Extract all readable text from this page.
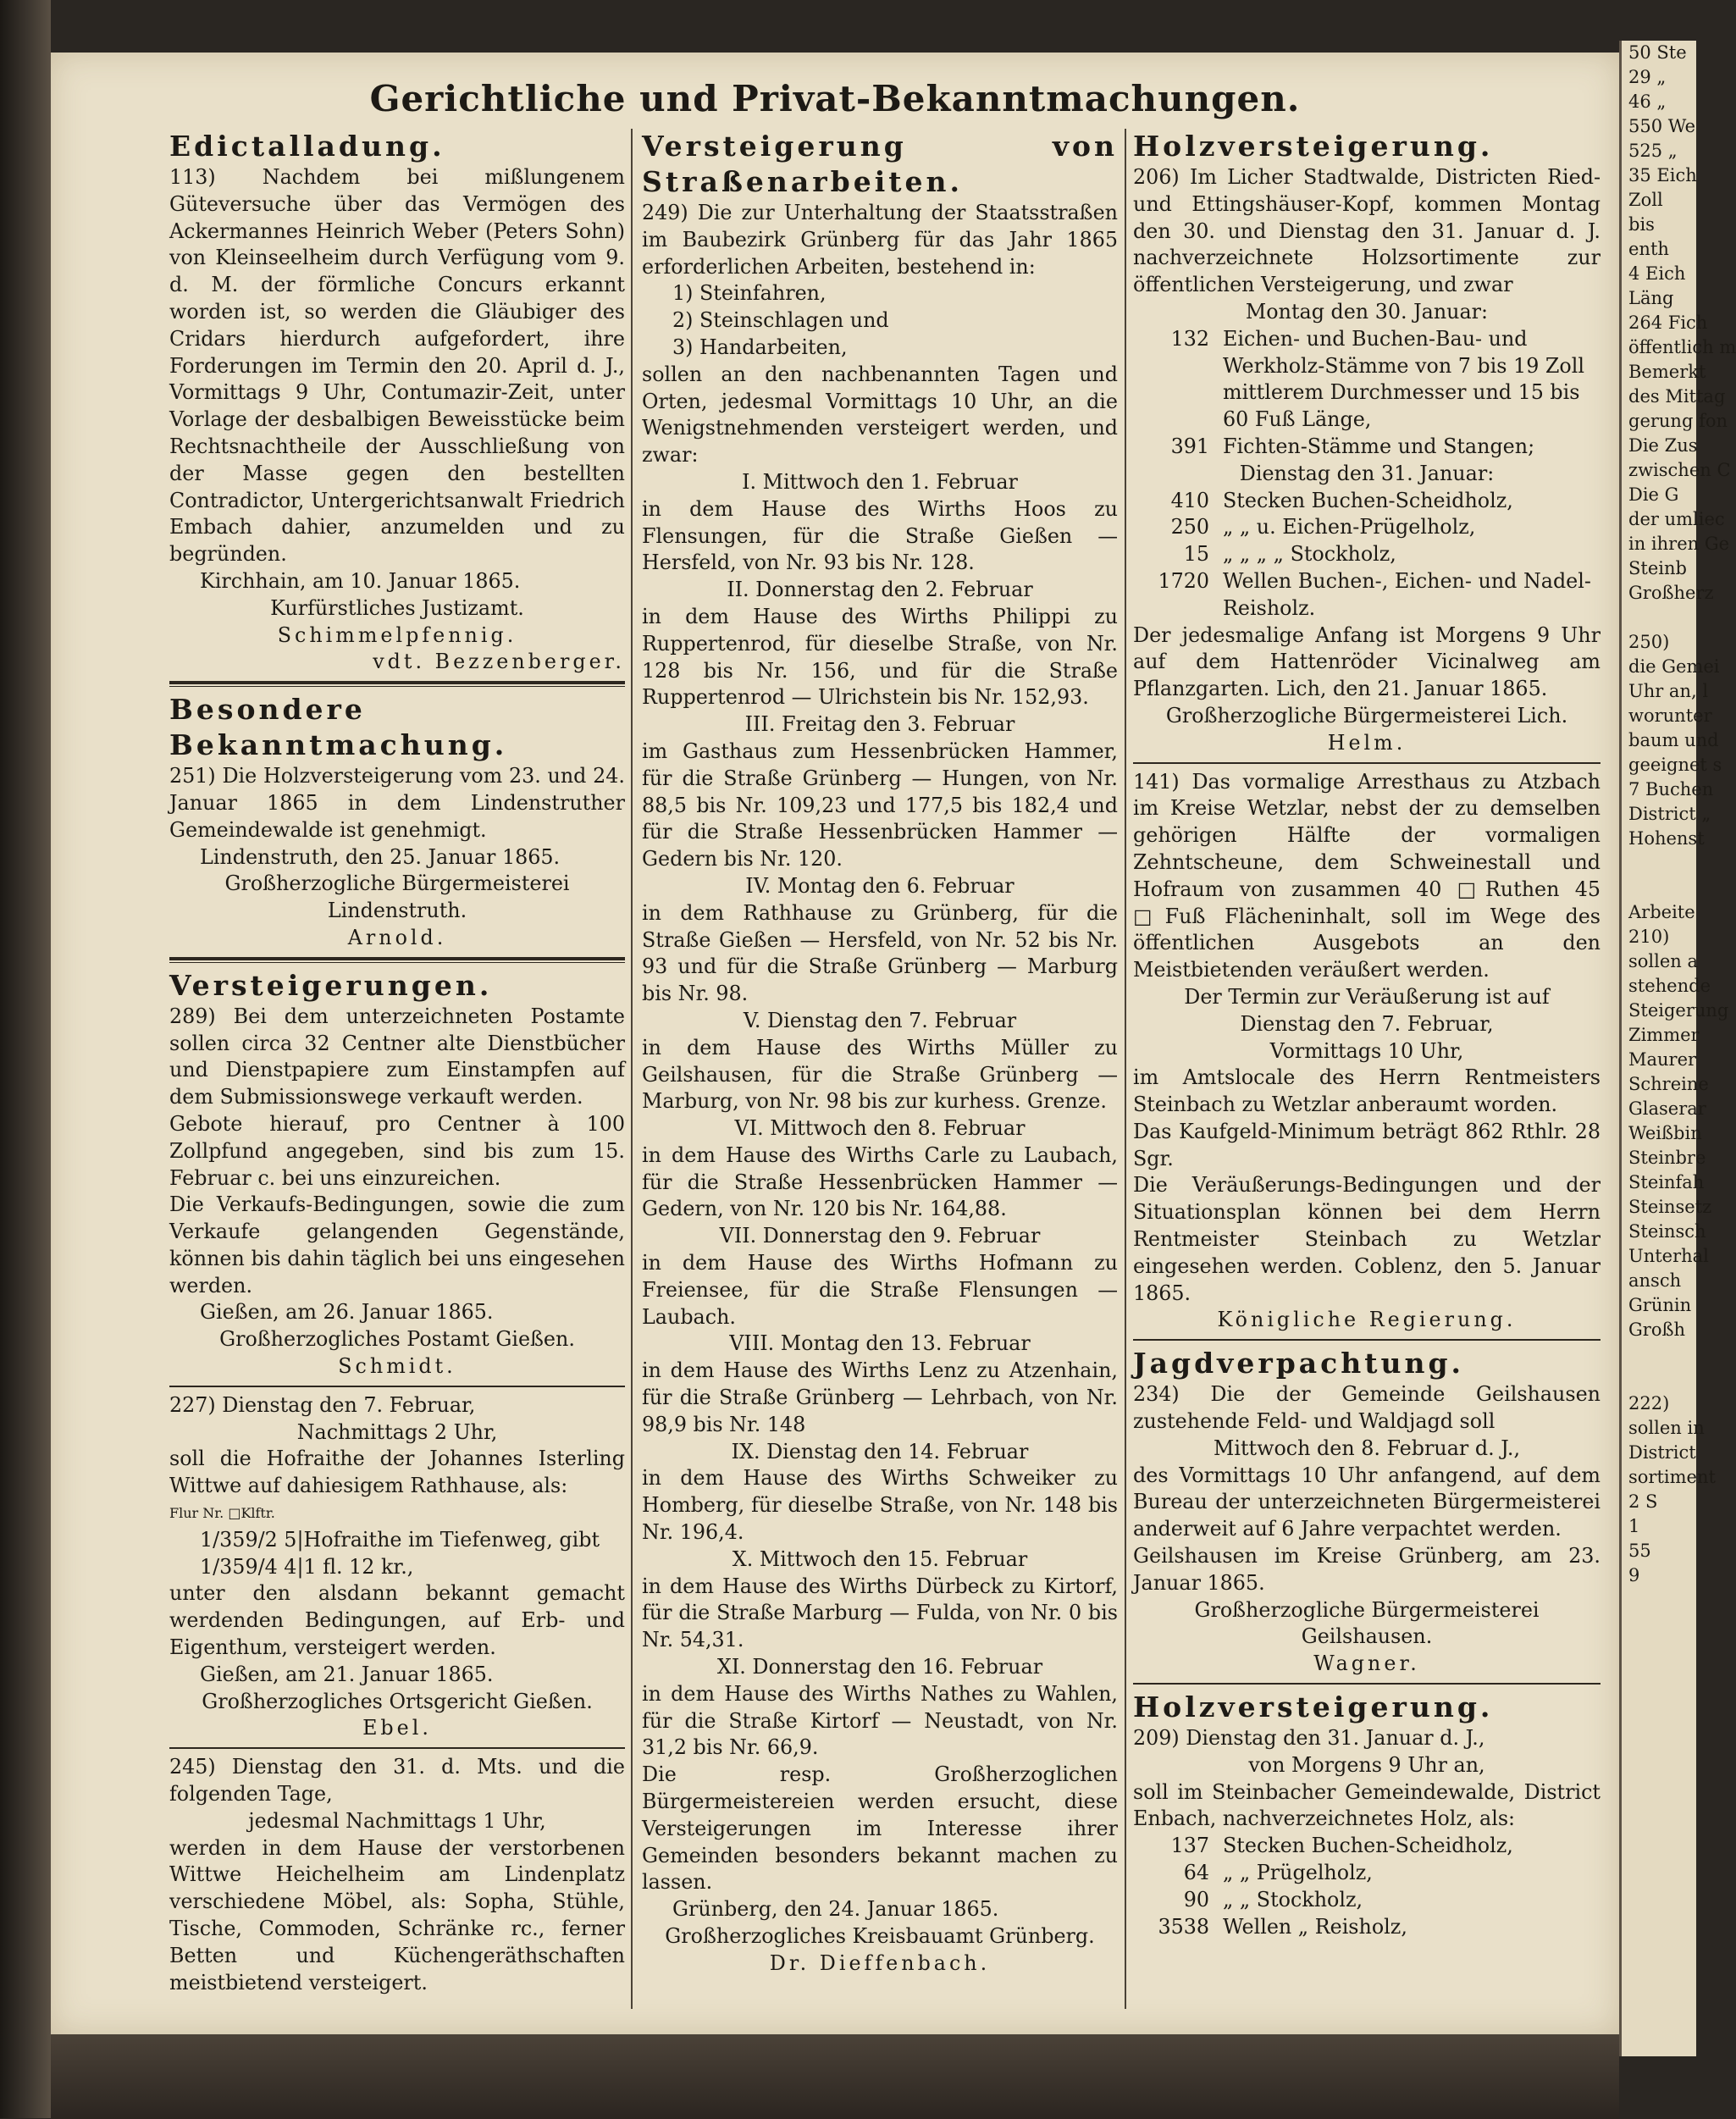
50 Ste
29 „
46 „
550 We
525 „
35 Eich
Zoll
bis
enth
4 Eich
Läng
264 Fich
öffentlich m
Bemerkt
des Mittag
gerung fon
Die Zus
zwischen C
Die G
der umliec
in ihren Ge
Steinb
Großherz

250)
die Gemei
Uhr an, l
worunter
baum und
geeignet s
7 Buchen
District „
Hohenst

Arbeite
210)
sollen a
stehende
Steigerung
Zimmer
Maurer
Schreine
Glaserar
Weißbin
Steinbre
Steinfah
Steinsetz
Steinsch
Unterhal
ansch
Grünin
Großh

222)
sollen in
District
sortiment
2 S
1
55
9
Gerichtliche und Privat-Bekanntmachungen.

Edictalladung.

113) Nachdem bei mißlungenem Güteversuche über das Vermögen des Ackermannes Heinrich Weber (Peters Sohn) von Kleinseelheim durch Verfügung vom 9. d. M. der förmliche Concurs erkannt worden ist, so werden die Gläubiger des Cridars hierdurch aufgefordert, ihre Forderungen im Termin den 20. April d. J., Vormittags 9 Uhr, Contumazir-Zeit, unter Vorlage der desbalbigen Beweisstücke beim Rechtsnachtheile der Ausschließung von der Masse gegen den bestellten Contradictor, Untergerichtsanwalt Friedrich Embach dahier, anzumelden und zu begründen.

Kirchhain, am 10. Januar 1865.

Kurfürstliches Justizamt.

Schimmelpfennig.

vdt. Bezzenberger.

Besondere Bekanntmachung.

251) Die Holzversteigerung vom 23. und 24. Januar 1865 in dem Lindenstruther Gemeindewalde ist genehmigt.

Lindenstruth, den 25. Januar 1865.

Großherzogliche Bürgermeisterei Lindenstruth.

Arnold.

Versteigerungen.

289) Bei dem unterzeichneten Postamte sollen circa 32 Centner alte Dienstbücher und Dienstpapiere zum Einstampfen auf dem Submissionswege verkauft werden.

Gebote hierauf, pro Centner à 100 Zollpfund angegeben, sind bis zum 15. Februar c. bei uns einzureichen.

Die Verkaufs-Bedingungen, sowie die zum Verkaufe gelangenden Gegenstände, können bis dahin täglich bei uns eingesehen werden.

Gießen, am 26. Januar 1865.

Großherzogliches Postamt Gießen.

Schmidt.

227) Dienstag den 7. Februar,

Nachmittags 2 Uhr,

soll die Hofraithe der Johannes Isterling Wittwe auf dahiesigem Rathhause, als:

Flur Nr. □Klftr.

1/359/2 5|Hofraithe im Tiefenweg, gibt

1/359/4 4|1 fl. 12 kr.,

unter den alsdann bekannt gemacht werdenden Bedingungen, auf Erb- und Eigenthum, versteigert werden.

Gießen, am 21. Januar 1865.

Großherzogliches Ortsgericht Gießen.

Ebel.

245) Dienstag den 31. d. Mts. und die folgenden Tage,

jedesmal Nachmittags 1 Uhr,

werden in dem Hause der verstorbenen Wittwe Heichelheim am Lindenplatz verschiedene Möbel, als: Sopha, Stühle, Tische, Commoden, Schränke rc., ferner Betten und Küchengeräthschaften meistbietend versteigert.

Versteigerung von Straßenarbeiten.

249) Die zur Unterhaltung der Staatsstraßen im Baubezirk Grünberg für das Jahr 1865 erforderlichen Arbeiten, bestehend in:

1) Steinfahren,

2) Steinschlagen und

3) Handarbeiten,

sollen an den nachbenannten Tagen und Orten, jedesmal Vormittags 10 Uhr, an die Wenigstnehmenden versteigert werden, und zwar:

I. Mittwoch den 1. Februar

in dem Hause des Wirths Hoos zu Flensungen, für die Straße Gießen — Hersfeld, von Nr. 93 bis Nr. 128.

II. Donnerstag den 2. Februar

in dem Hause des Wirths Philippi zu Ruppertenrod, für dieselbe Straße, von Nr. 128 bis Nr. 156, und für die Straße Ruppertenrod — Ulrichstein bis Nr. 152,93.

III. Freitag den 3. Februar

im Gasthaus zum Hessenbrücken Hammer, für die Straße Grünberg — Hungen, von Nr. 88,5 bis Nr. 109,23 und 177,5 bis 182,4 und für die Straße Hessenbrücken Hammer — Gedern bis Nr. 120.

IV. Montag den 6. Februar

in dem Rathhause zu Grünberg, für die Straße Gießen — Hersfeld, von Nr. 52 bis Nr. 93 und für die Straße Grünberg — Marburg bis Nr. 98.

V. Dienstag den 7. Februar

in dem Hause des Wirths Müller zu Geilshausen, für die Straße Grünberg — Marburg, von Nr. 98 bis zur kurhess. Grenze.

VI. Mittwoch den 8. Februar

in dem Hause des Wirths Carle zu Laubach, für die Straße Hessenbrücken Hammer — Gedern, von Nr. 120 bis Nr. 164,88.

VII. Donnerstag den 9. Februar

in dem Hause des Wirths Hofmann zu Freiensee, für die Straße Flensungen — Laubach.

VIII. Montag den 13. Februar

in dem Hause des Wirths Lenz zu Atzenhain, für die Straße Grünberg — Lehrbach, von Nr. 98,9 bis Nr. 148

IX. Dienstag den 14. Februar

in dem Hause des Wirths Schweiker zu Homberg, für dieselbe Straße, von Nr. 148 bis Nr. 196,4.

X. Mittwoch den 15. Februar

in dem Hause des Wirths Dürbeck zu Kirtorf, für die Straße Marburg — Fulda, von Nr. 0 bis Nr. 54,31.

XI. Donnerstag den 16. Februar

in dem Hause des Wirths Nathes zu Wahlen, für die Straße Kirtorf — Neustadt, von Nr. 31,2 bis Nr. 66,9.

Die resp. Großherzoglichen Bürgermeistereien werden ersucht, diese Versteigerungen im Interesse ihrer Gemeinden besonders bekannt machen zu lassen.

Grünberg, den 24. Januar 1865.

Großherzogliches Kreisbauamt Grünberg.

Dr. Dieffenbach.

Holzversteigerung.

206) Im Licher Stadtwalde, Districten Ried- und Ettingshäuser-Kopf, kommen Montag den 30. und Dienstag den 31. Januar d. J. nachverzeichnete Holzsortimente zur öffentlichen Versteigerung, und zwar

Montag den 30. Januar:

132	Eichen- und Buchen-Bau- und Werkholz-Stämme von 7 bis 19 Zoll mittlerem Durchmesser und 15 bis 60 Fuß Länge,
391	Fichten-Stämme und Stangen;

Dienstag den 31. Januar:

410	Stecken Buchen-Scheidholz,
250	„ „ u. Eichen-Prügelholz,
15	„ „ „ „ Stockholz,
1720	Wellen Buchen-, Eichen- und Nadel-Reisholz.

Der jedesmalige Anfang ist Morgens 9 Uhr auf dem Hattenröder Vicinalweg am Pflanzgarten. Lich, den 21. Januar 1865.

Großherzogliche Bürgermeisterei Lich.

Helm.

141) Das vormalige Arresthaus zu Atzbach im Kreise Wetzlar, nebst der zu demselben gehörigen Hälfte der vormaligen Zehntscheune, dem Schweinestall und Hofraum von zusammen 40 □Ruthen 45 □Fuß Flächeninhalt, soll im Wege des öffentlichen Ausgebots an den Meistbietenden veräußert werden.

Der Termin zur Veräußerung ist auf

Dienstag den 7. Februar,

Vormittags 10 Uhr,

im Amtslocale des Herrn Rentmeisters Steinbach zu Wetzlar anberaumt worden.

Das Kaufgeld-Minimum beträgt 862 Rthlr. 28 Sgr.

Die Veräußerungs-Bedingungen und der Situationsplan können bei dem Herrn Rentmeister Steinbach zu Wetzlar eingesehen werden. Coblenz, den 5. Januar 1865.

Königliche Regierung.

Jagdverpachtung.

234) Die der Gemeinde Geilshausen zustehende Feld- und Waldjagd soll

Mittwoch den 8. Februar d. J.,

des Vormittags 10 Uhr anfangend, auf dem Bureau der unterzeichneten Bürgermeisterei anderweit auf 6 Jahre verpachtet werden.

Geilshausen im Kreise Grünberg, am 23. Januar 1865.

Großherzogliche Bürgermeisterei Geilshausen.

Wagner.

Holzversteigerung.

209) Dienstag den 31. Januar d. J.,

von Morgens 9 Uhr an,

soll im Steinbacher Gemeindewalde, District Enbach, nachverzeichnetes Holz, als:

137	Stecken Buchen-Scheidholz,
64	„ „ Prügelholz,
90	„ „ Stockholz,
3538	Wellen „ Reisholz,
